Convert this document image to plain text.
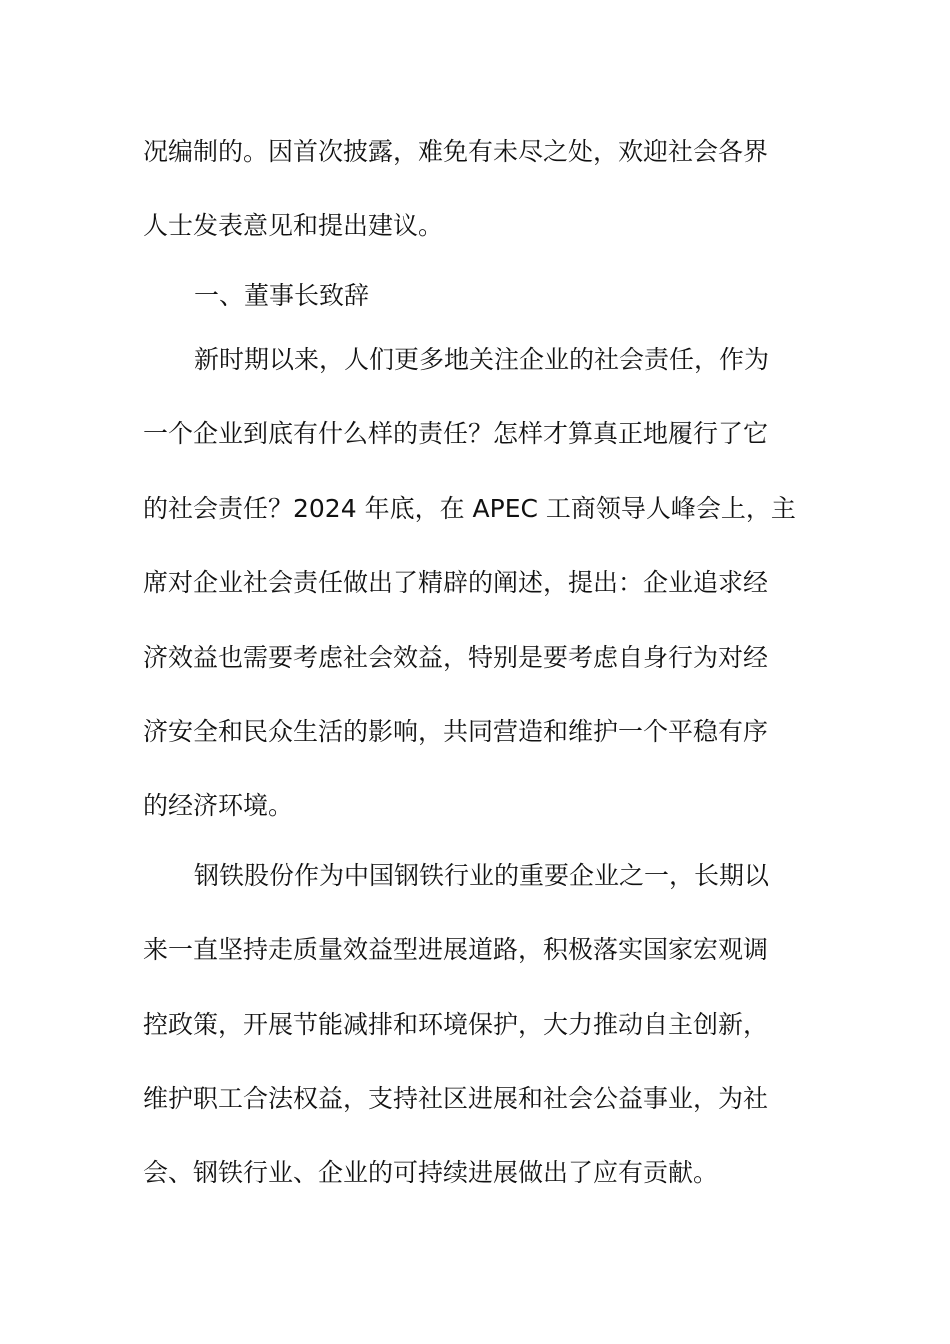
况编制的。因首次披露，难免有未尽之处，欢迎社会各界
人士发表意见和提出建议。
一、董事长致辞
新时期以来，人们更多地关注企业的社会责任，作为
一个企业到底有什么样的责任？怎样才算真正地履行了它
的社会责任？2024 年底，在 APEC 工商领导人峰会上，主
席对企业社会责任做出了精辟的阐述，提出：企业追求经
济效益也需要考虑社会效益，特别是要考虑自身行为对经
济安全和民众生活的影响，共同营造和维护一个平稳有序
的经济环境。
钢铁股份作为中国钢铁行业的重要企业之一，长期以
来一直坚持走质量效益型进展道路，积极落实国家宏观调
控政策，开展节能减排和环境保护，大力推动自主创新，
维护职工合法权益，支持社区进展和社会公益事业，为社
会、钢铁行业、企业的可持续进展做出了应有贡献。
